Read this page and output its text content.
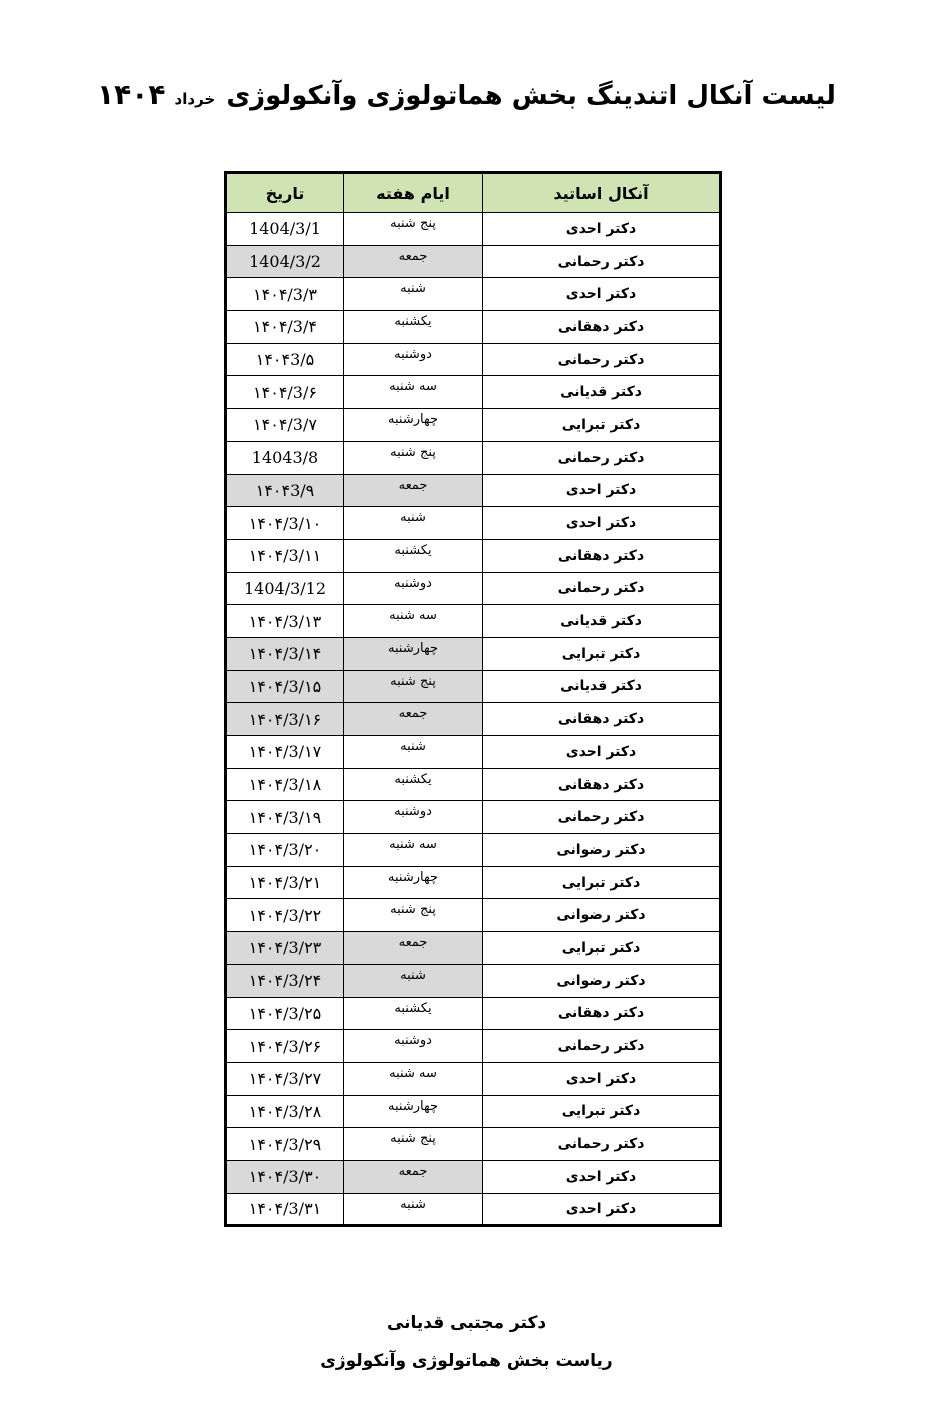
لیست آنکال اتندینگ بخش هماتولوژی وآنکولوژی خرداد ۱۴۰۴
تاریخ	ایام هفته	آنکال اساتید
1404/3/1	پنج شنبه	دکتر احدی
1404/3/2	جمعه	دکتر رحمانی
۱۴۰۴/3/۳	شنبه	دکتر احدی
۱۴۰۴/3/۴	یکشنبه	دکتر دهقانی
۱۴۰۴3/۵	دوشنبه	دکتر رحمانی
۱۴۰۴/3/۶	سه شنبه	دکتر قدیانی
۱۴۰۴/3/۷	چهارشنبه	دکتر تبرایی
14043/8	پنج شنبه	دکتر رحمانی
۱۴۰۴3/۹	جمعه	دکتر احدی
۱۴۰۴/3/۱۰	شنبه	دکتر احدی
۱۴۰۴/3/۱۱	یکشنبه	دکتر دهقانی
1404/3/12	دوشنبه	دکتر رحمانی
۱۴۰۴/3/۱۳	سه شنبه	دکتر قدیانی
۱۴۰۴/3/۱۴	چهارشنبه	دکتر تبرایی
۱۴۰۴/3/۱۵	پنج شنبه	دکتر قدیانی
۱۴۰۴/3/۱۶	جمعه	دکتر دهقانی
۱۴۰۴/3/۱۷	شنبه	دکتر احدی
۱۴۰۴/3/۱۸	یکشنبه	دکتر دهقانی
۱۴۰۴/3/۱۹	دوشنبه	دکتر رحمانی
۱۴۰۴/3/۲۰	سه شنبه	دکتر رضوانی
۱۴۰۴/3/۲۱	چهارشنبه	دکتر تبرایی
۱۴۰۴/3/۲۲	پنج شنبه	دکتر رضوانی
۱۴۰۴/3/۲۳	جمعه	دکتر تبرایی
۱۴۰۴/3/۲۴	شنبه	دکتر رضوانی
۱۴۰۴/3/۲۵	یکشنبه	دکتر دهقانی
۱۴۰۴/3/۲۶	دوشنبه	دکتر رحمانی
۱۴۰۴/3/۲۷	سه شنبه	دکتر احدی
۱۴۰۴/3/۲۸	چهارشنبه	دکتر تبرایی
۱۴۰۴/3/۲۹	پنج شنبه	دکتر رحمانی
۱۴۰۴/3/۳۰	جمعه	دکتر احدی
۱۴۰۴/3/۳۱	شنبه	دکتر احدی
دکتر مجتبی قدیانی
ریاست بخش هماتولوژی وآنکولوژی
